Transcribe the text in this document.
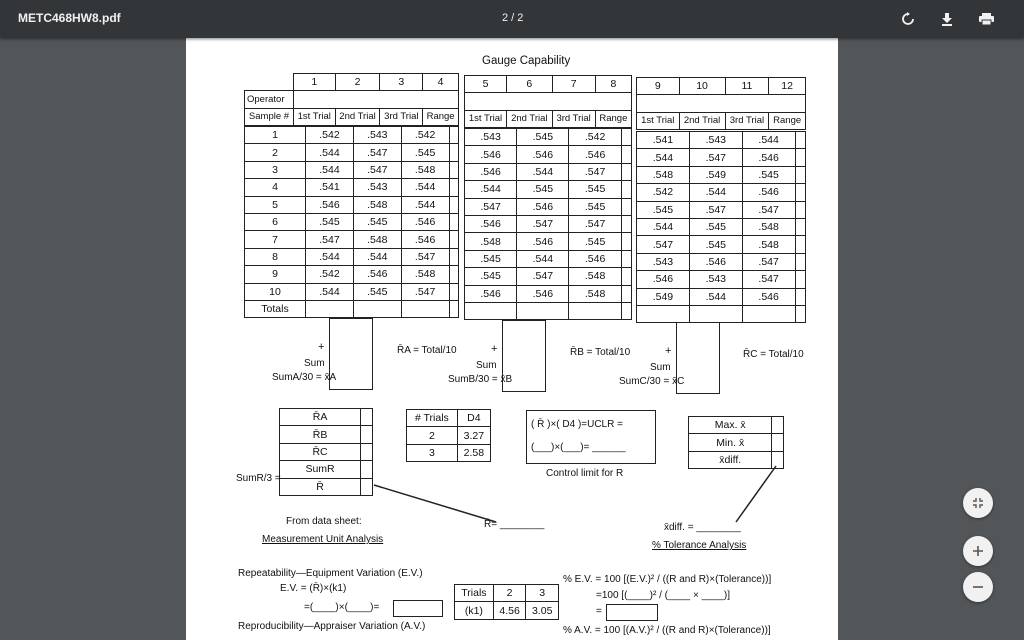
METC468HW8.pdf	2 / 2
Gauge Capability
	1	2	3	4
Operator				
Sample #	1st Trial	2nd Trial	3rd Trial	Range
1	.542	.543	.542	
2	.544	.547	.545	
3	.544	.547	.548	
4	.541	.543	.544	
5	.546	.548	.544	
6	.545	.545	.546	
7	.547	.548	.546	
8	.544	.544	.547	
9	.542	.546	.548	
10	.544	.545	.547	
Totals				
5	6	7	8

1st Trial	2nd Trial	3rd Trial	Range
.543	.545	.542	
.546	.546	.546	
.546	.544	.547	
.544	.545	.545	
.547	.546	.545	
.546	.547	.547	
.548	.546	.545	
.545	.544	.546	
.545	.547	.548	
.546	.546	.548	

9	10	11	12

1st Trial	2nd Trial	3rd Trial	Range
.541	.543	.544	
.544	.547	.546	
.548	.549	.545	
.542	.544	.546	
.545	.547	.547	
.544	.545	.548	
.547	.545	.548	
.543	.546	.547	
.546	.543	.547	
.549	.544	.546	

+	+	+
Sum	Sum	Sum
R̄A = Total/10	R̄B = Total/10	R̄C = Total/10
SumA/30 = x̄A	SumB/30 = x̄B	SumC/30 = x̄C
R̄A	
R̄B	
R̄C	
SumR	
R̄	
SumR/3 =
# Trials	D4
2	3.27
3	2.58
( R̄ )×( D4 )=UCLR =
(___)×(___)= ______
Control limit for R
Max. x̄	
Min. x̄	
x̄diff.	
From data sheet:
Measurement Unit Analysis
R̄= ________	x̄diff. = ________
% Tolerance Analysis
Repeatability—Equipment Variation (E.V.)
E.V. = (R̄)×(k1)
=(____)×(____)=
Trials	2	3
(k1)	4.56	3.05
% E.V. = 100 [(E.V.)² / ((R and R)×(Tolerance))]
=100 [(____)² / (____ × ____)]
=
Reproducibility—Appraiser Variation (A.V.)	% A.V. = 100 [(A.V.)² / ((R and R)×(Tolerance))]
